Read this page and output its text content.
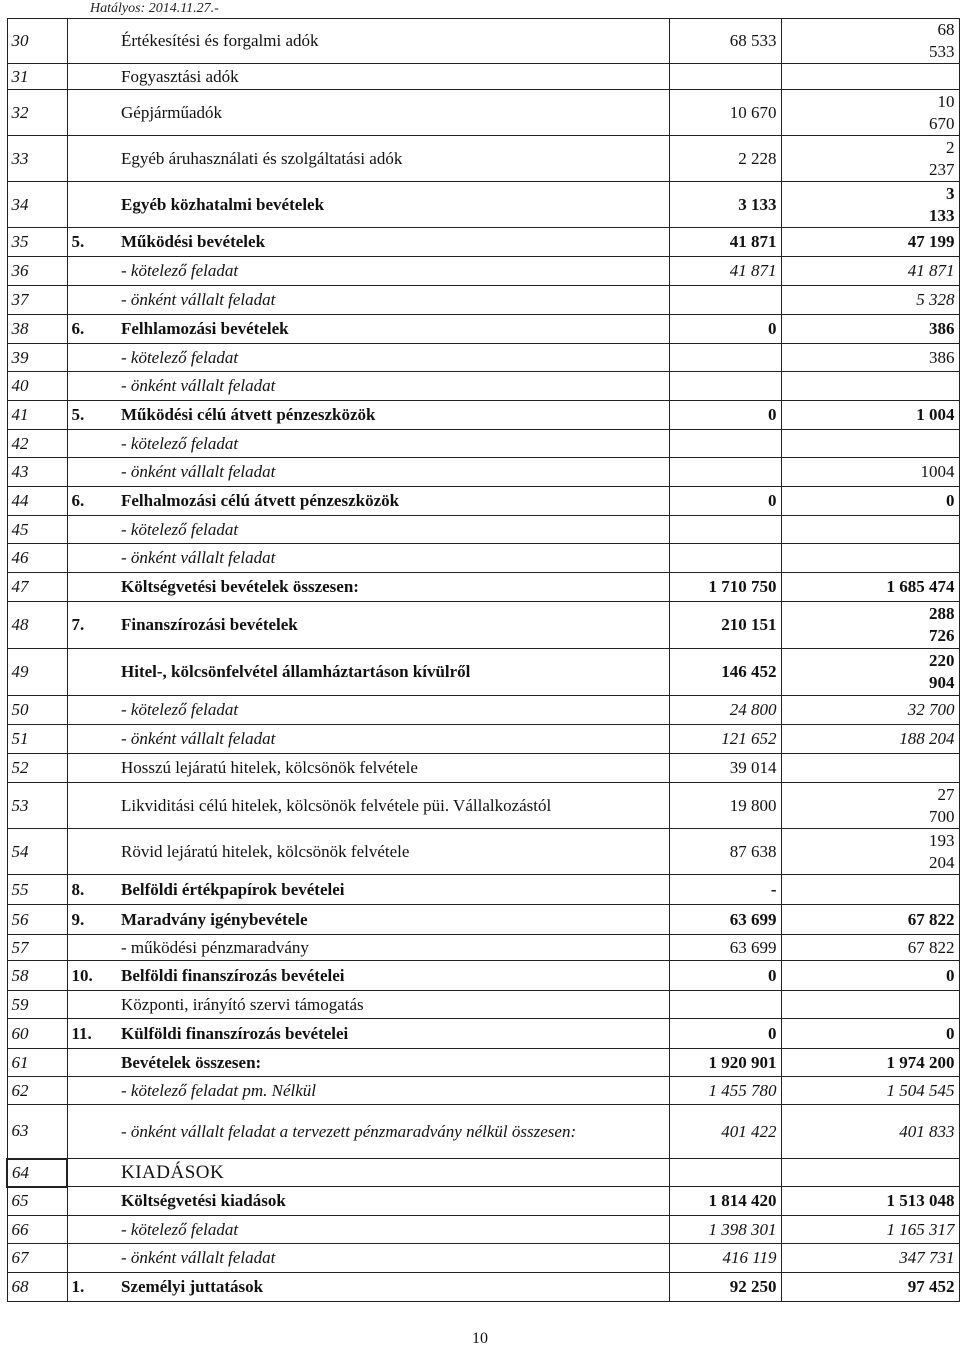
Hatályos: 2014.11.27.-
30		Értékesítési és forgalmi adók	68 533	68
533
31		Fogyasztási adók		
32		Gépjárműadók	10 670	10
670
33		Egyéb áruhasználati és szolgáltatási adók	2 228	2
237
34		Egyéb közhatalmi bevételek	3 133	3
133
35	5.	Működési bevételek	41 871	47 199
36		- kötelező feladat	41 871	41 871
37		- önként vállalt feladat		5 328
38	6.	Felhlamozási bevételek	0	386
39		- kötelező feladat		386
40		- önként vállalt feladat		
41	5.	Működési célú átvett pénzeszközök	0	1 004
42		- kötelező feladat		
43		- önként vállalt feladat		1004
44	6.	Felhalmozási célú átvett pénzeszközök	0	0
45		- kötelező feladat		
46		- önként vállalt feladat		
47		Költségvetési bevételek összesen:	1 710 750	1 685 474
48	7.	Finanszírozási bevételek	210 151	288
726
49		Hitel-, kölcsönfelvétel államháztartáson kívülről	146 452	220
904
50		- kötelező feladat	24 800	32 700
51		- önként vállalt feladat	121 652	188 204
52		Hosszú lejáratú hitelek, kölcsönök felvétele	39 014	
53		Likviditási célú hitelek, kölcsönök felvétele püi. Vállalkozástól	19 800	27
700
54		Rövid lejáratú hitelek, kölcsönök felvétele	87 638	193
204
55	8.	Belföldi értékpapírok bevételei	-	
56	9.	Maradvány igénybevétele	63 699	67 822
57		- működési pénzmaradvány	63 699	67 822
58	10.	Belföldi finanszírozás bevételei	0	0
59		Központi, irányító szervi támogatás		
60	11.	Külföldi finanszírozás bevételei	0	0
61		Bevételek összesen:	1 920 901	1 974 200
62		- kötelező feladat pm. Nélkül	1 455 780	1 504 545
63		- önként vállalt feladat a tervezett pénzmaradvány nélkül összesen:	401 422	401 833
64		KIADÁSOK		
65		Költségvetési kiadások	1 814 420	1 513 048
66		- kötelező feladat	1 398 301	1 165 317
67		- önként vállalt feladat	416 119	347 731
68	1.	Személyi juttatások	92 250	97 452
10
